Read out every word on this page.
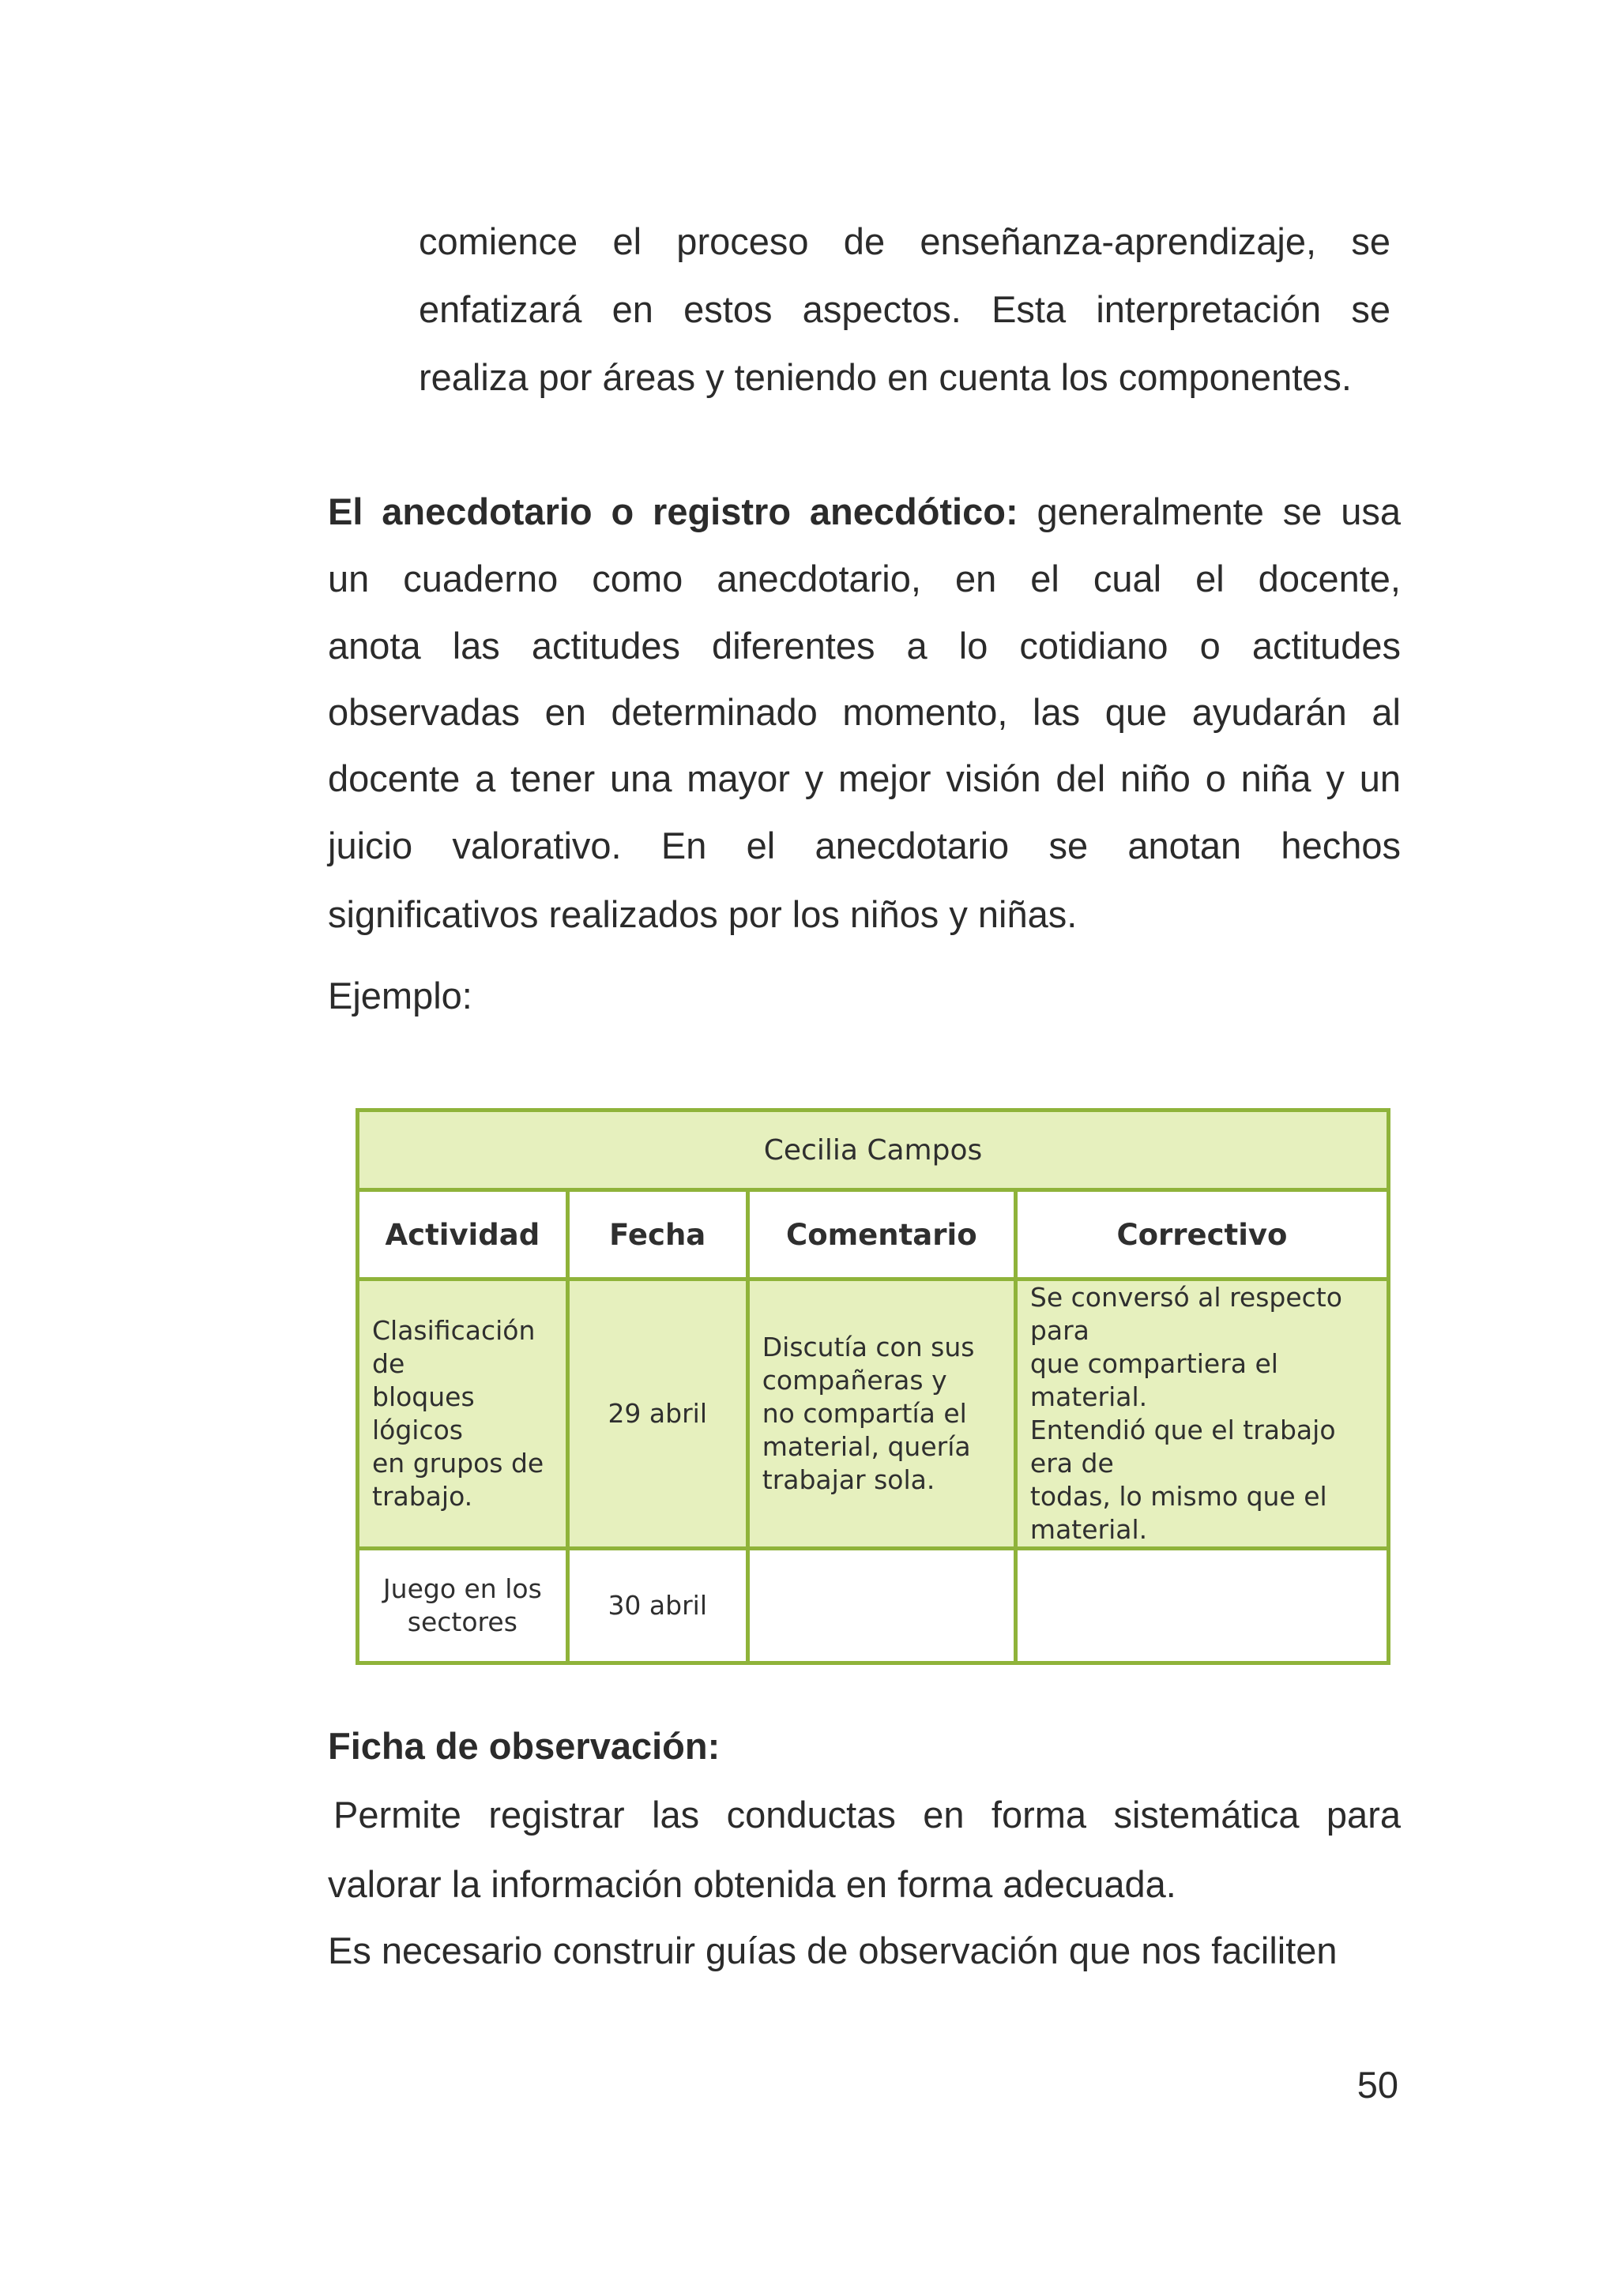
comience el proceso de enseñanza-aprendizaje, se
enfatizará en estos aspectos. Esta interpretación se
realiza por áreas y teniendo en cuenta los componentes.
El anecdotario o registro anecdótico: generalmente se usa
un cuaderno como anecdotario, en el cual el docente,
anota las actitudes diferentes a lo cotidiano o actitudes
observadas en determinado momento, las que ayudarán al
docente a tener una mayor y mejor visión del niño o niña y un
juicio valorativo. En el anecdotario se anotan hechos
significativos realizados por los niños y niñas.
Ejemplo:
Cecilia Campos			
Actividad	Fecha	Comentario	Correctivo
Clasificación de
bloques lógicos
en grupos de
trabajo.	29 abril	Discutía con sus
compañeras y
no compartía el
material, quería
trabajar sola.	Se conversó al respecto para
que compartiera el material.
Entendió que el trabajo era de
todas, lo mismo que el material.
Juego en los
sectores	30 abril		
Ficha de observación:
Permite registrar las conductas en forma sistemática para
valorar la información obtenida en forma adecuada.
Es necesario construir guías de observación que nos faciliten
50
